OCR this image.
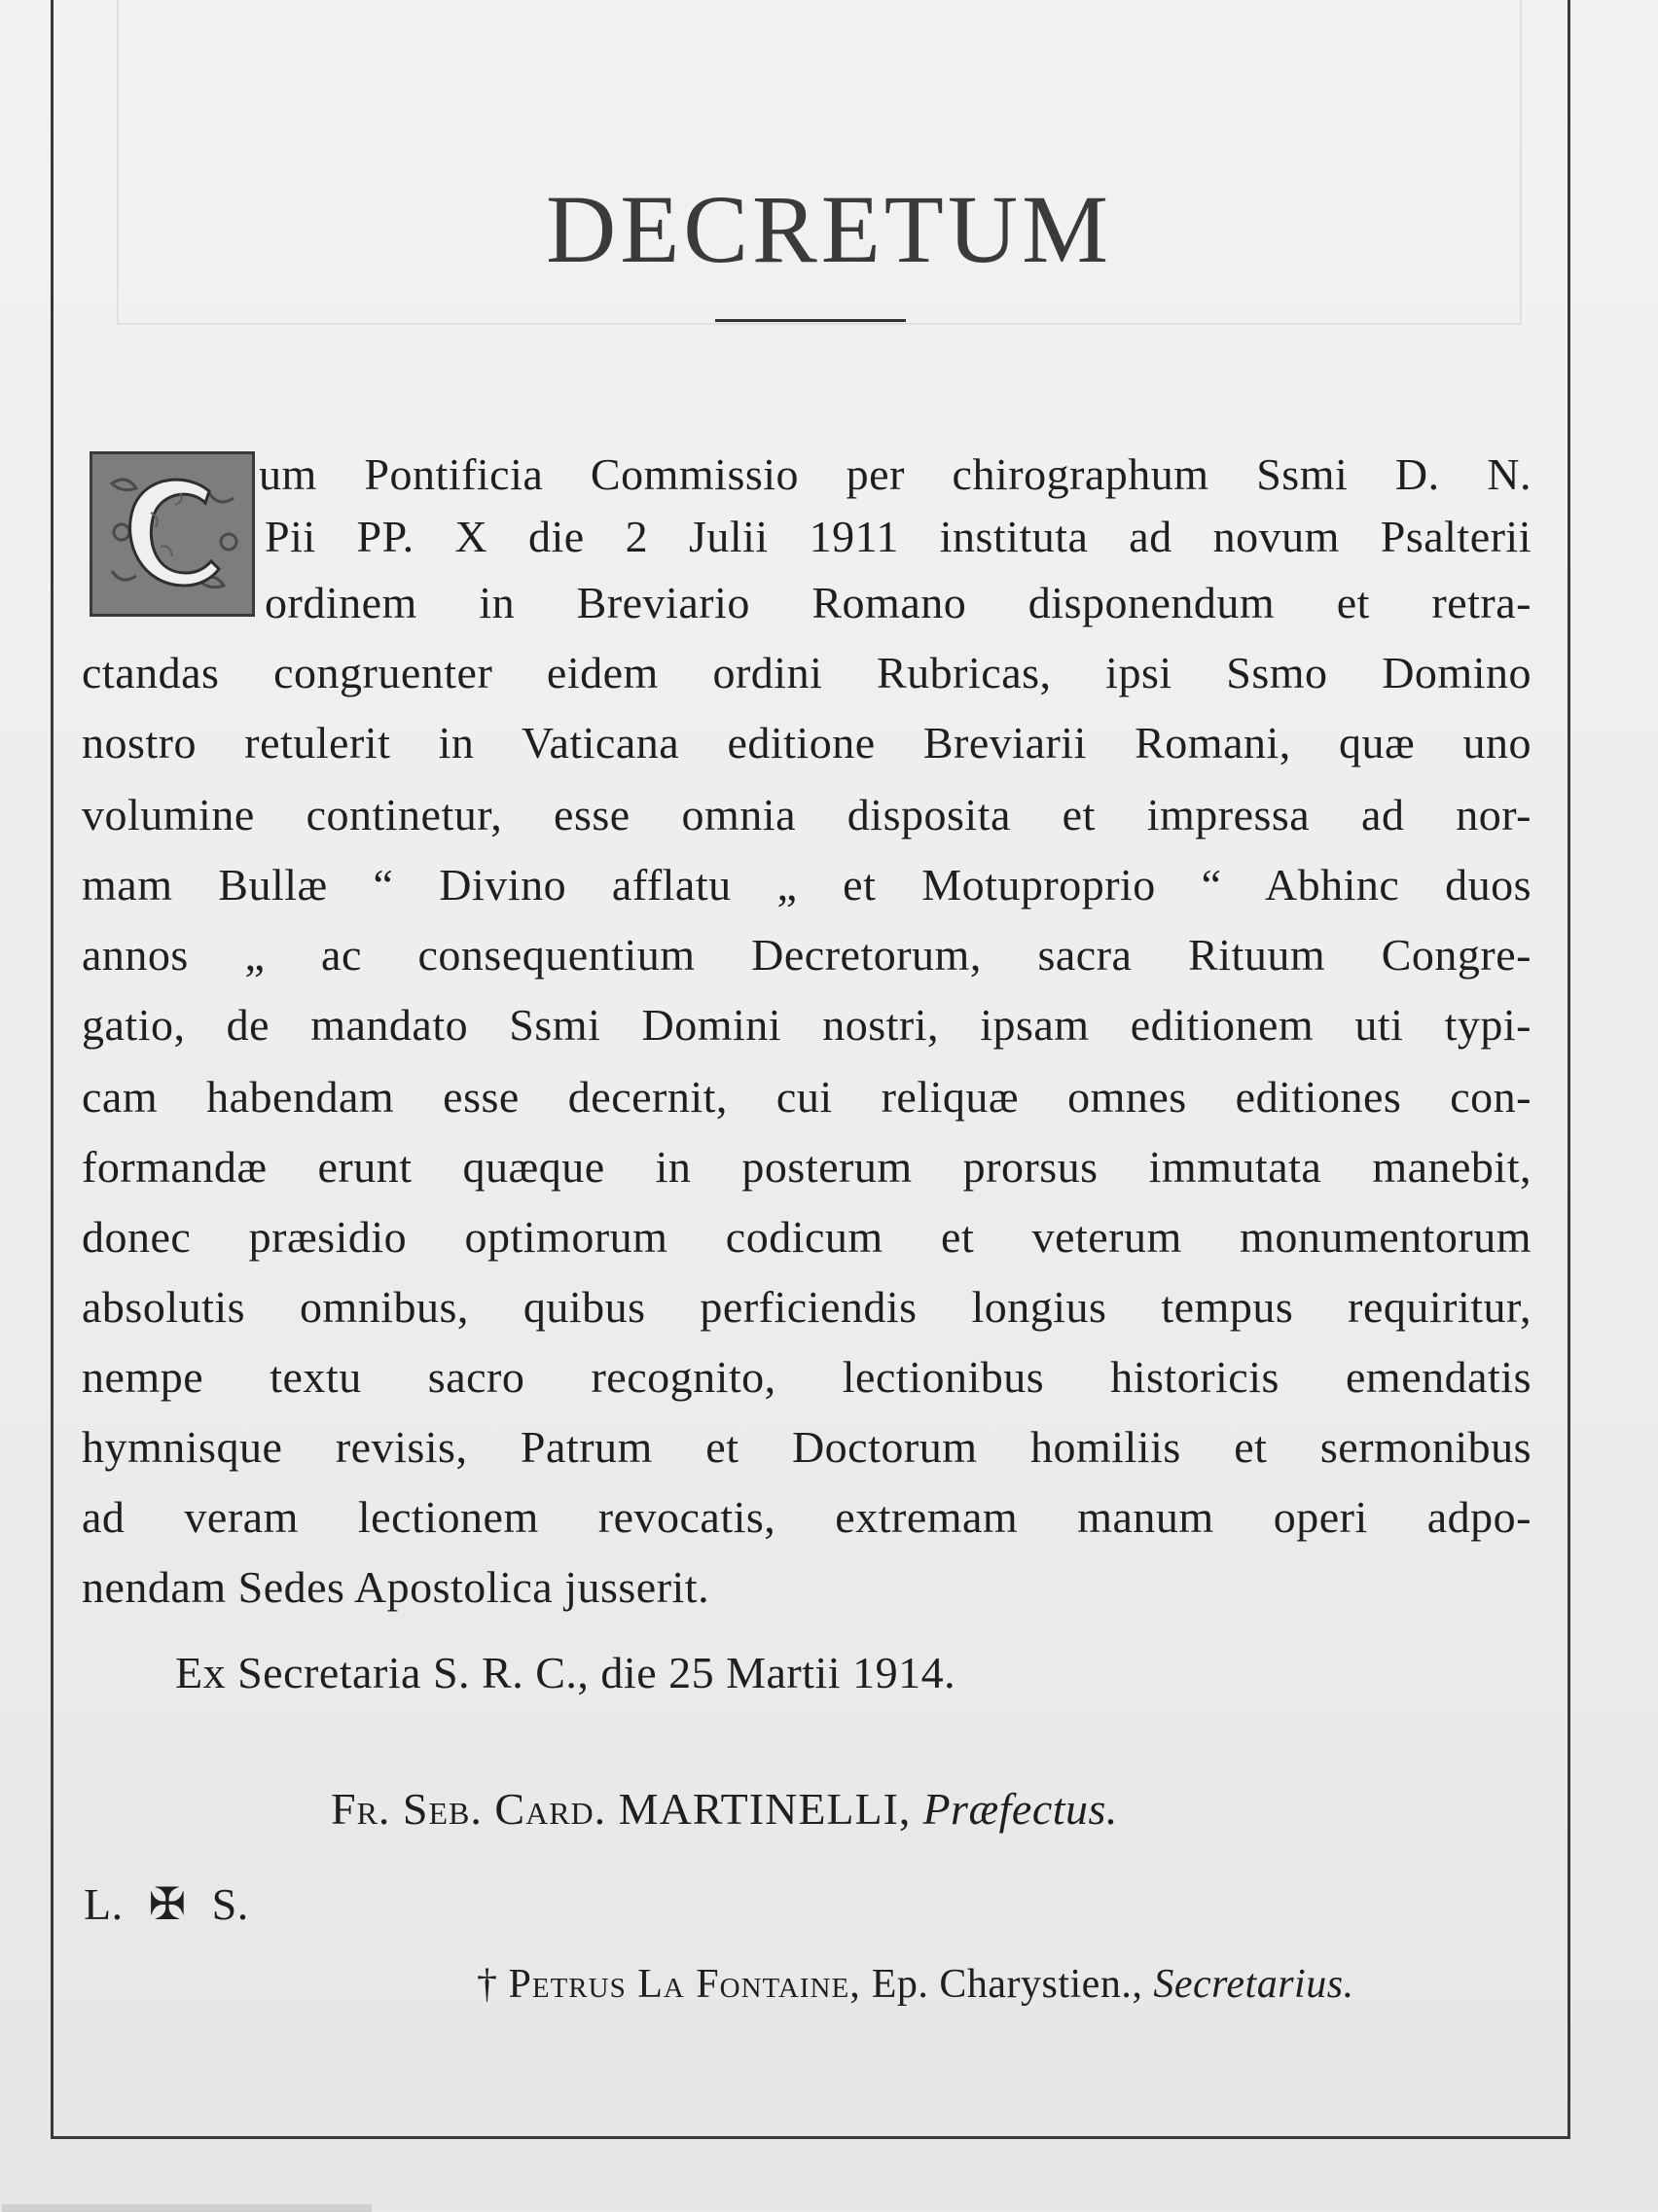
DECRETUM
um Pontificia Commissio per chirographum Ssmi D. N.
Pii PP. X die 2 Julii 1911 instituta ad novum Psalterii
ordinem in Breviario Romano disponendum et retra-
ctandas congruenter eidem ordini Rubricas, ipsi Ssmo Domino
nostro retulerit in Vaticana editione Breviarii Romani, quæ uno
volumine continetur, esse omnia disposita et impressa ad nor-
mam Bullæ “ Divino afflatu „ et Motuproprio “ Abhinc duos
annos „ ac consequentium Decretorum, sacra Rituum Congre-
gatio, de mandato Ssmi Domini nostri, ipsam editionem uti typi-
cam habendam esse decernit, cui reliquæ omnes editiones con-
formandæ erunt quæque in posterum prorsus immutata manebit,
donec præsidio optimorum codicum et veterum monumentorum
absolutis omnibus, quibus perficiendis longius tempus requiritur,
nempe textu sacro recognito, lectionibus historicis emendatis
hymnisque revisis, Patrum et Doctorum homiliis et sermonibus
ad veram lectionem revocatis, extremam manum operi adpo-
nendam Sedes Apostolica jusserit.
Ex Secretaria S. R. C., die 25 Martii 1914.
Fr. Seb. Card. MARTINELLI, Præfectus.
L. ✠ S.
† Petrus La Fontaine, Ep. Charystien., Secretarius.
